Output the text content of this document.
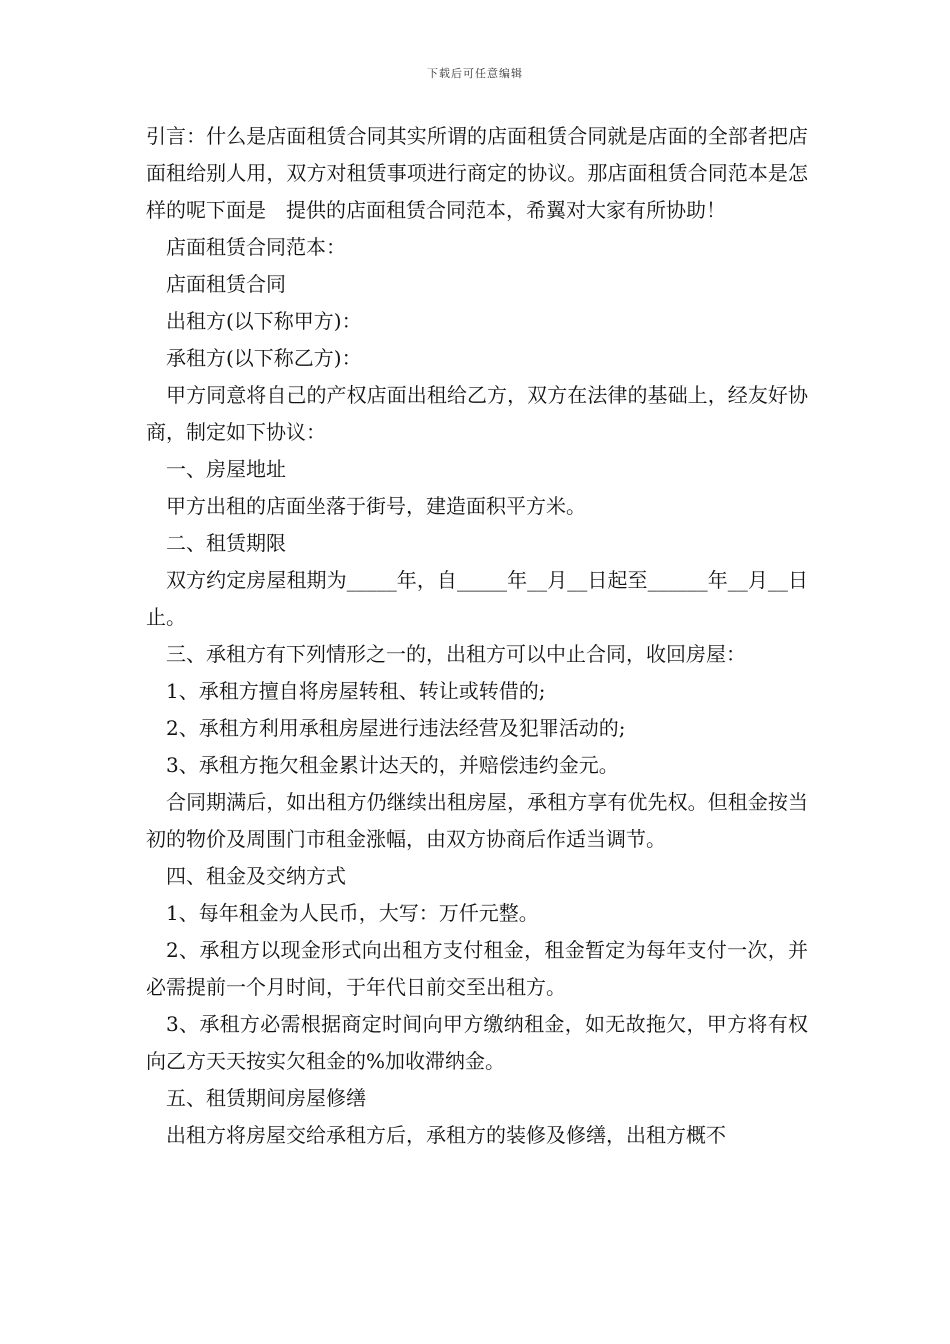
下载后可任意编辑

引言：什么是店面租赁合同其实所谓的店面租赁合同就是店面的全部者把店面租给别人用，双方对租赁事项进行商定的协议。那店面租赁合同范本是怎样的呢下面是　提供的店面租赁合同范本，希翼对大家有所协助！

店面租赁合同范本：

店面租赁合同

出租方(以下称甲方)：

承租方(以下称乙方)：

甲方同意将自己的产权店面出租给乙方，双方在法律的基础上，经友好协商，制定如下协议：

一、房屋地址

甲方出租的店面坐落于街号，建造面积平方米。

二、租赁期限

双方约定房屋租期为_____年，自_____年__月__日起至______年__月__日止。

三、承租方有下列情形之一的，出租方可以中止合同，收回房屋：

1、承租方擅自将房屋转租、转让或转借的;

2、承租方利用承租房屋进行违法经营及犯罪活动的;

3、承租方拖欠租金累计达天的，并赔偿违约金元。

合同期满后，如出租方仍继续出租房屋，承租方享有优先权。但租金按当初的物价及周围门市租金涨幅，由双方协商后作适当调节。

四、租金及交纳方式

1、每年租金为人民币，大写：万仟元整。

2、承租方以现金形式向出租方支付租金，租金暂定为每年支付一次，并必需提前一个月时间，于年代日前交至出租方。

3、承租方必需根据商定时间向甲方缴纳租金，如无故拖欠，甲方将有权向乙方天天按实欠租金的%加收滞纳金。

五、租赁期间房屋修缮

出租方将房屋交给承租方后，承租方的装修及修缮，出租方概不
